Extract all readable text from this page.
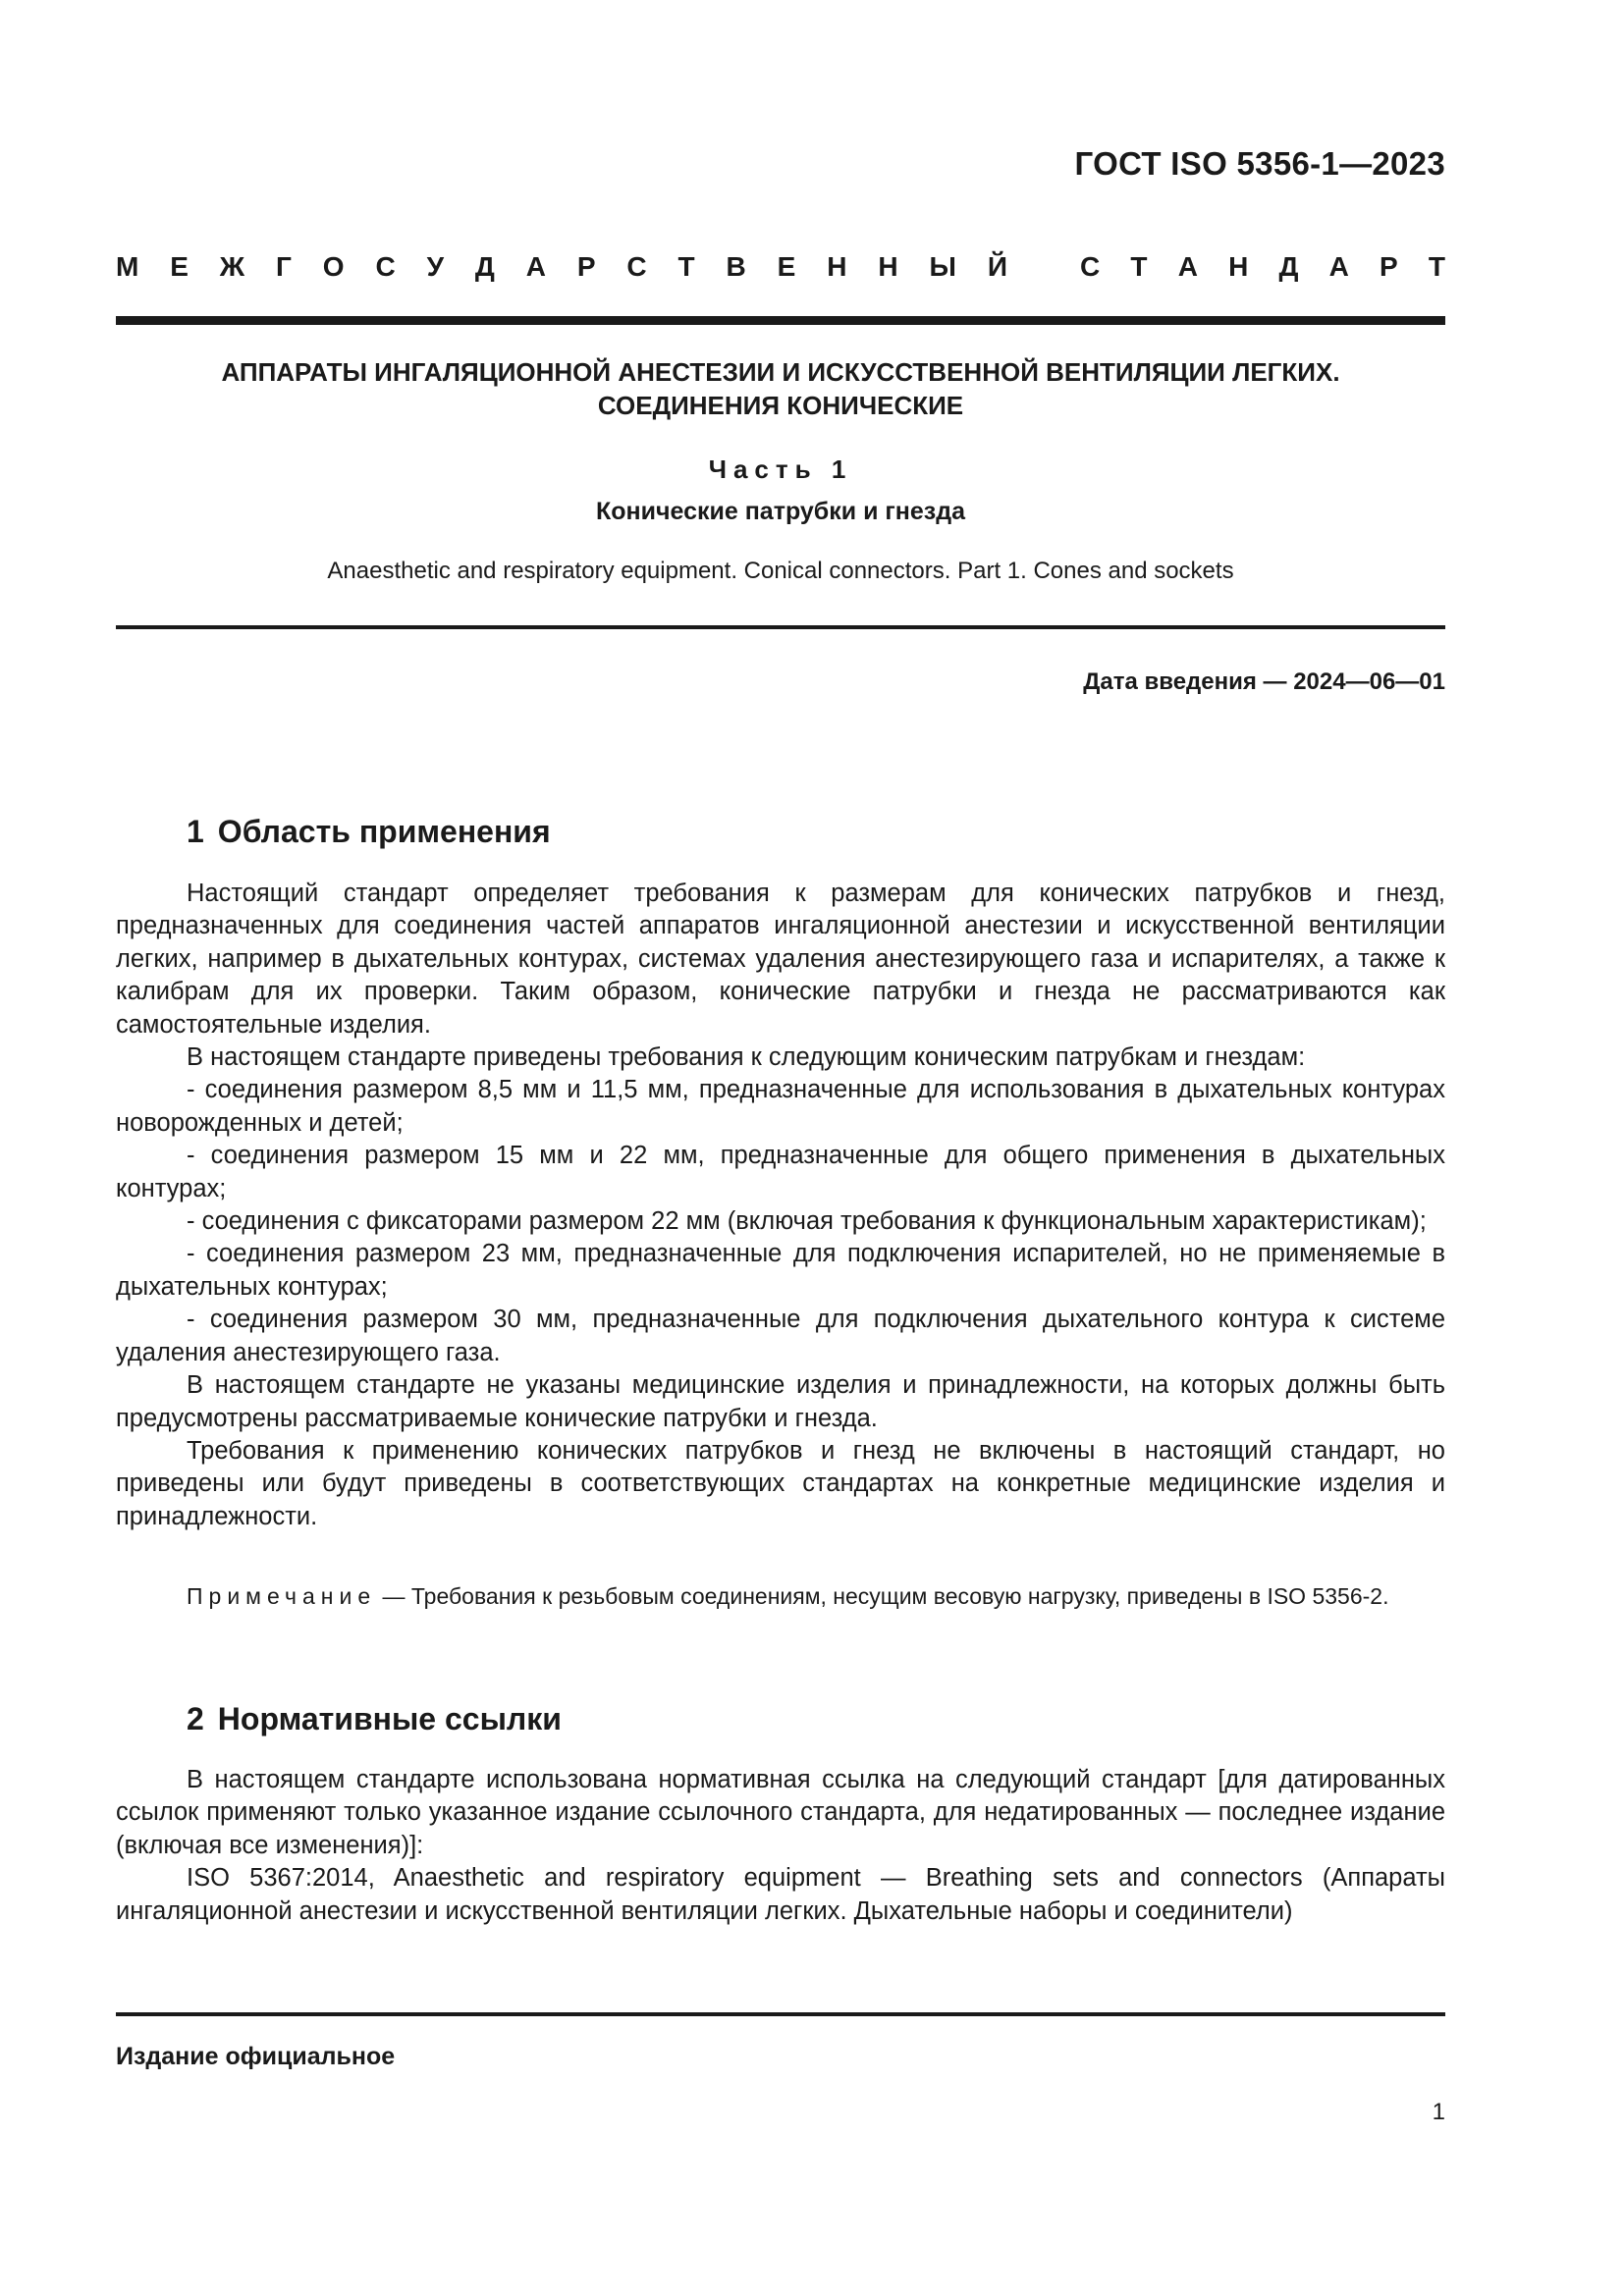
ГОСТ ISO 5356-1—2023
М Е Ж Г О С У Д А Р С Т В Е Н Н Ы Й	С Т А Н Д А Р Т
АППАРАТЫ ИНГАЛЯЦИОННОЙ АНЕСТЕЗИИ И ИСКУССТВЕННОЙ ВЕНТИЛЯЦИИ ЛЕГКИХ.
СОЕДИНЕНИЯ КОНИЧЕСКИЕ
Часть 1
Конические патрубки и гнезда
Anaesthetic and respiratory equipment. Conical connectors. Part 1. Cones and sockets
Дата введения — 2024—06—01
1 Область применения

Настоящий стандарт определяет требования к размерам для конических патрубков и гнезд, предназначенных для соединения частей аппаратов ингаляционной анестезии и искусственной вентиляции легких, например в дыхательных контурах, системах удаления анестезирующего газа и испарителях, а также к калибрам для их проверки. Таким образом, конические патрубки и гнезда не рассматриваются как самостоятельные изделия.

В настоящем стандарте приведены требования к следующим коническим патрубкам и гнездам:

- соединения размером 8,5 мм и 11,5 мм, предназначенные для использования в дыхательных контурах новорожденных и детей;

- соединения размером 15 мм и 22 мм, предназначенные для общего применения в дыхательных контурах;

- соединения с фиксаторами размером 22 мм (включая требования к функциональным характеристикам);

- соединения размером 23 мм, предназначенные для подключения испарителей, но не применяемые в дыхательных контурах;

- соединения размером 30 мм, предназначенные для подключения дыхательного контура к системе удаления анестезирующего газа.

В настоящем стандарте не указаны медицинские изделия и принадлежности, на которых должны быть предусмотрены рассматриваемые конические патрубки и гнезда.

Требования к применению конических патрубков и гнезд не включены в настоящий стандарт, но приведены или будут приведены в соответствующих стандартах на конкретные медицинские изделия и принадлежности.

Примечание — Требования к резьбовым соединениям, несущим весовую нагрузку, приведены в ISO 5356-2.

2 Нормативные ссылки

В настоящем стандарте использована нормативная ссылка на следующий стандарт [для датированных ссылок применяют только указанное издание ссылочного стандарта, для недатированных — последнее издание (включая все изменения)]:

ISO 5367:2014, Anaesthetic and respiratory equipment — Breathing sets and connectors (Аппараты ингаляционной анестезии и искусственной вентиляции легких. Дыхательные наборы и соединители)

Издание официальное
1
